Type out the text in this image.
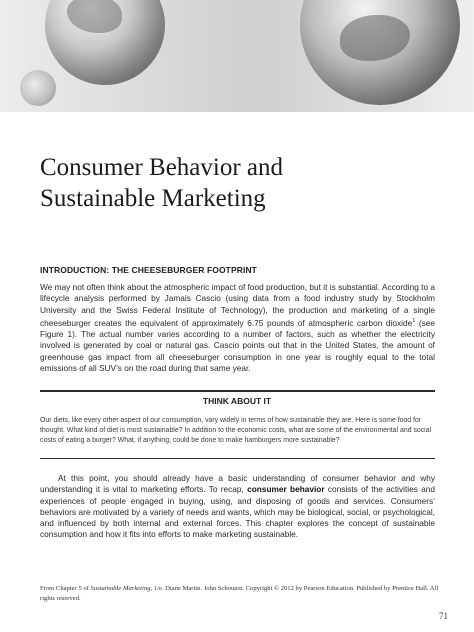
Consumer Behavior and
Sustainable Marketing
INTRODUCTION: THE CHEESEBURGER FOOTPRINT

We may not often think about the atmospheric impact of food production, but it is substantial. According to a lifecycle analysis performed by Jamais Cascio (using data from a food industry study by Stockholm University and the Swiss Federal Institute of Technology), the production and marketing of a single cheeseburger creates the equivalent of approximately 6.75 pounds of atmospheric carbon dioxide$^1$ (see Figure 1). The actual number varies according to a number of factors, such as whether the electricity involved is generated by coal or natural gas. Cascio points out that in the United States, the amount of greenhouse gas impact from all cheeseburger consumption in one year is roughly equal to the total emissions of all SUV’s on the road during that same year.

THINK ABOUT IT

Our diets, like every other aspect of our consumption, vary widely in terms of how sustainable they are. Here is some food for thought. What kind of diet is most sustainable? In addition to the economic costs, what are some of the environmental and social costs of eating a burger? What, if anything, could be done to make hamburgers more sustainable?

At this point, you should already have a basic understanding of consumer behavior and why understanding it is vital to marketing efforts. To recap, consumer behavior consists of the activities and experiences of people engaged in buying, using, and disposing of goods and services. Consumers’ behaviors are motivated by a variety of needs and wants, which may be biological, social, or psychological, and influenced by both internal and external forces. This chapter explores the concept of sustainable consumption and how it fits into efforts to make marketing sustainable.

From Chapter 5 of Sustainable Marketing, 1/e. Diane Martin. John Schouten. Copyright © 2012 by Pearson Education. Published by Prentice Hall. All rights reserved.

71
